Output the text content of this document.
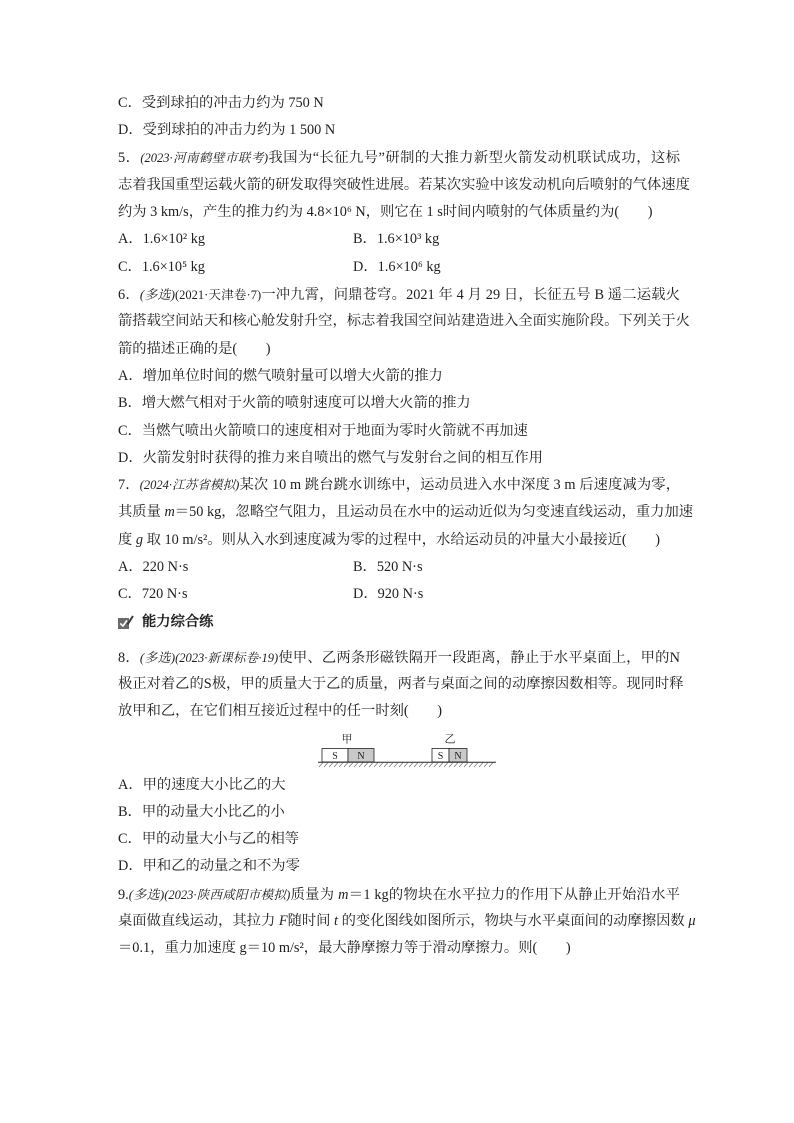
C．受到球拍的冲击力约为 750 N
D．受到球拍的冲击力约为 1 500 N
5．(2023·河南鹤壁市联考)我国为“长征九号”研制的大推力新型火箭发动机联试成功，这标
志着我国重型运载火箭的研发取得突破性进展。若某次实验中该发动机向后喷射的气体速度
约为 3 km/s，产生的推力约为 4.8×10⁶ N，则它在 1 s时间内喷射的气体质量约为(　　)
A．1.6×10² kg	B．1.6×10³ kg
C．1.6×10⁵ kg	D．1.6×10⁶ kg
6．(多选)(2021·天津卷·7)一冲九霄，问鼎苍穹。2021 年 4 月 29 日，长征五号 B 遥二运载火
箭搭载空间站天和核心舱发射升空，标志着我国空间站建造进入全面实施阶段。下列关于火
箭的描述正确的是(　　)
A．增加单位时间的燃气喷射量可以增大火箭的推力
B．增大燃气相对于火箭的喷射速度可以增大火箭的推力
C．当燃气喷出火箭喷口的速度相对于地面为零时火箭就不再加速
D．火箭发射时获得的推力来自喷出的燃气与发射台之间的相互作用
7．(2024·江苏省模拟)某次 10 m 跳台跳水训练中，运动员进入水中深度 3 m 后速度减为零，
其质量 m＝50 kg，忽略空气阻力，且运动员在水中的运动近似为匀变速直线运动，重力加速
度 g 取 10 m/s²。则从入水到速度减为零的过程中，水给运动员的冲量大小最接近(　　)
A．220 N·s	B．520 N·s
C．720 N·s	D．920 N·s
能力综合练
8．(多选)(2023·新课标卷·19)使甲、乙两条形磁铁隔开一段距离，静止于水平桌面上，甲的N
极正对着乙的S极，甲的质量大于乙的质量，两者与桌面之间的动摩擦因数相等。现同时释
放甲和乙，在它们相互接近过程中的任一时刻(　　)
甲	乙
S N	S N
A．甲的速度大小比乙的大
B．甲的动量大小比乙的小
C．甲的动量大小与乙的相等
D．甲和乙的动量之和不为零
9.(多选)(2023·陕西咸阳市模拟)质量为 m＝1 kg的物块在水平拉力的作用下从静止开始沿水平
桌面做直线运动，其拉力 F随时间 t 的变化图线如图所示，物块与水平桌面间的动摩擦因数 μ
＝0.1，重力加速度 g＝10 m/s²，最大静摩擦力等于滑动摩擦力。则(　　)
